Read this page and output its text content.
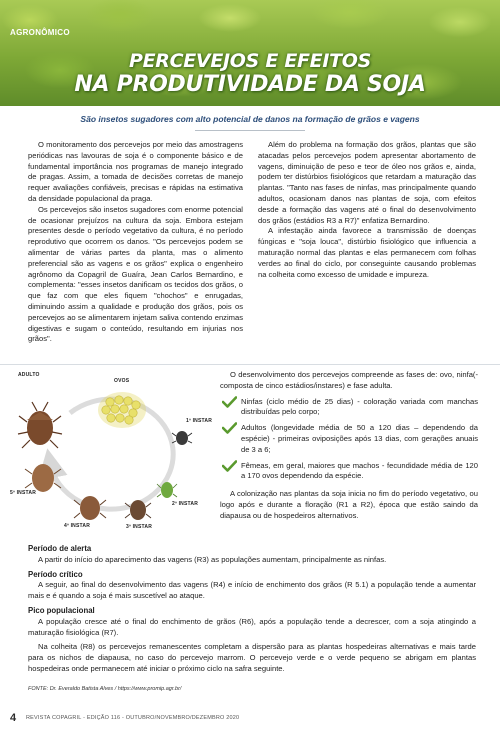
AGRONÔMICO
PERCEVEJOS E EFEITOS
NA PRODUTIVIDADE DA SOJA
São insetos sugadores com alto potencial de danos na formação de grãos e vagens

O monitoramento dos percevejos por meio das amostragens periódicas nas lavouras de soja é o componente básico e de fundamental importância nos programas de manejo integrado de pragas. Assim, a tomada de decisões corretas de manejo requer avaliações confiáveis, precisas e rápidas na estimativa da densidade populacional da praga.

Os percevejos são insetos sugadores com enorme potencial de ocasionar prejuízos na cultura da soja. Embora estejam presentes desde o período vegetativo da cultura, é no período reprodutivo que ocorrem os danos. "Os percevejos podem se alimentar de várias partes da planta, mas o alimento preferencial são as vagens e os grãos" explica o engenheiro agrônomo da Copagril de Guaíra, Jean Carlos Bernardino, e complementa: "esses insetos danificam os tecidos dos grãos, o que faz com que eles fiquem "chochos" e enrugadas, diminuindo assim a qualidade e produção dos grãos, pois os percevejos ao se alimentarem injetam saliva contendo enzimas digestivas e sugam o conteúdo, resultando em injurias nos grãos".

Além do problema na formação dos grãos, plantas que são atacadas pelos percevejos podem apresentar abortamento de vagens, diminuição de peso e teor de óleo nos grãos e, ainda, podem ter distúrbios fisiológicos que retardam a maturação das plantas. "Tanto nas fases de ninfas, mas principalmente quando adultos, ocasionam danos nas plantas de soja, com efeitos desde a formação das vagens até o final do desenvolvimento dos grãos (estádios R3 a R7)" enfatiza Bernardino.

A infestação ainda favorece a transmissão de doenças fúngicas e "soja louca", distúrbio fisiológico que influencia a maturação normal das plantas e elas permanecem com folhas verdes ao final do ciclo, por conseguinte causando problemas na colheita como excesso de umidade e impureza.

ADULTO
OVOS
1º INSTAR
2º INSTAR
3º INSTAR
4º INSTAR
5º INSTAR

O desenvolvimento dos percevejos compreende as fases de: ovo, ninfa(-composta de cinco estádios/instares) e fase adulta.

Ninfas (ciclo médio de 25 dias) - coloração variada com manchas distribuídas pelo corpo;
Adultos (longevidade média de 50 a 120 dias – dependendo da espécie) - primeiras oviposições após 13 dias, com gerações anuais de 3 a 6;
Fêmeas, em geral, maiores que machos - fecundidade média de 120 a 170 ovos dependendo da espécie.

A colonização nas plantas da soja inicia no fim do período vegetativo, ou logo após e durante a floração (R1 a R2), época que estão saindo da diapausa ou de hospedeiros alternativos.

Período de alerta

A partir do início do aparecimento das vagens (R3) as populações aumentam, principalmente as ninfas.

Período crítico

A seguir, ao final do desenvolvimento das vagens (R4) e início de enchimento dos grãos (R 5.1) a população tende a aumentar mais e é quando a soja é mais suscetível ao ataque.

Pico populacional

A população cresce até o final do enchimento de grãos (R6), após a população tende a decrescer, com a soja atingindo a maturação fisiológica (R7).

Na colheita (R8) os percevejos remanescentes completam a dispersão para as plantas hospedeiras alternativas e mais tarde para os nichos de diapausa, no caso do percevejo marrom. O percevejo verde e o verde pequeno se abrigam em plantas hospedeiras onde permanecem até iniciar o próximo ciclo na safra seguinte.

FONTE: Dr. Everaldo Batista Alves / https://www.promip.agr.br/
4 REVISTA COPAGRIL - EDIÇÃO 116 - OUTUBRO/NOVEMBRO/DEZEMBRO 2020
